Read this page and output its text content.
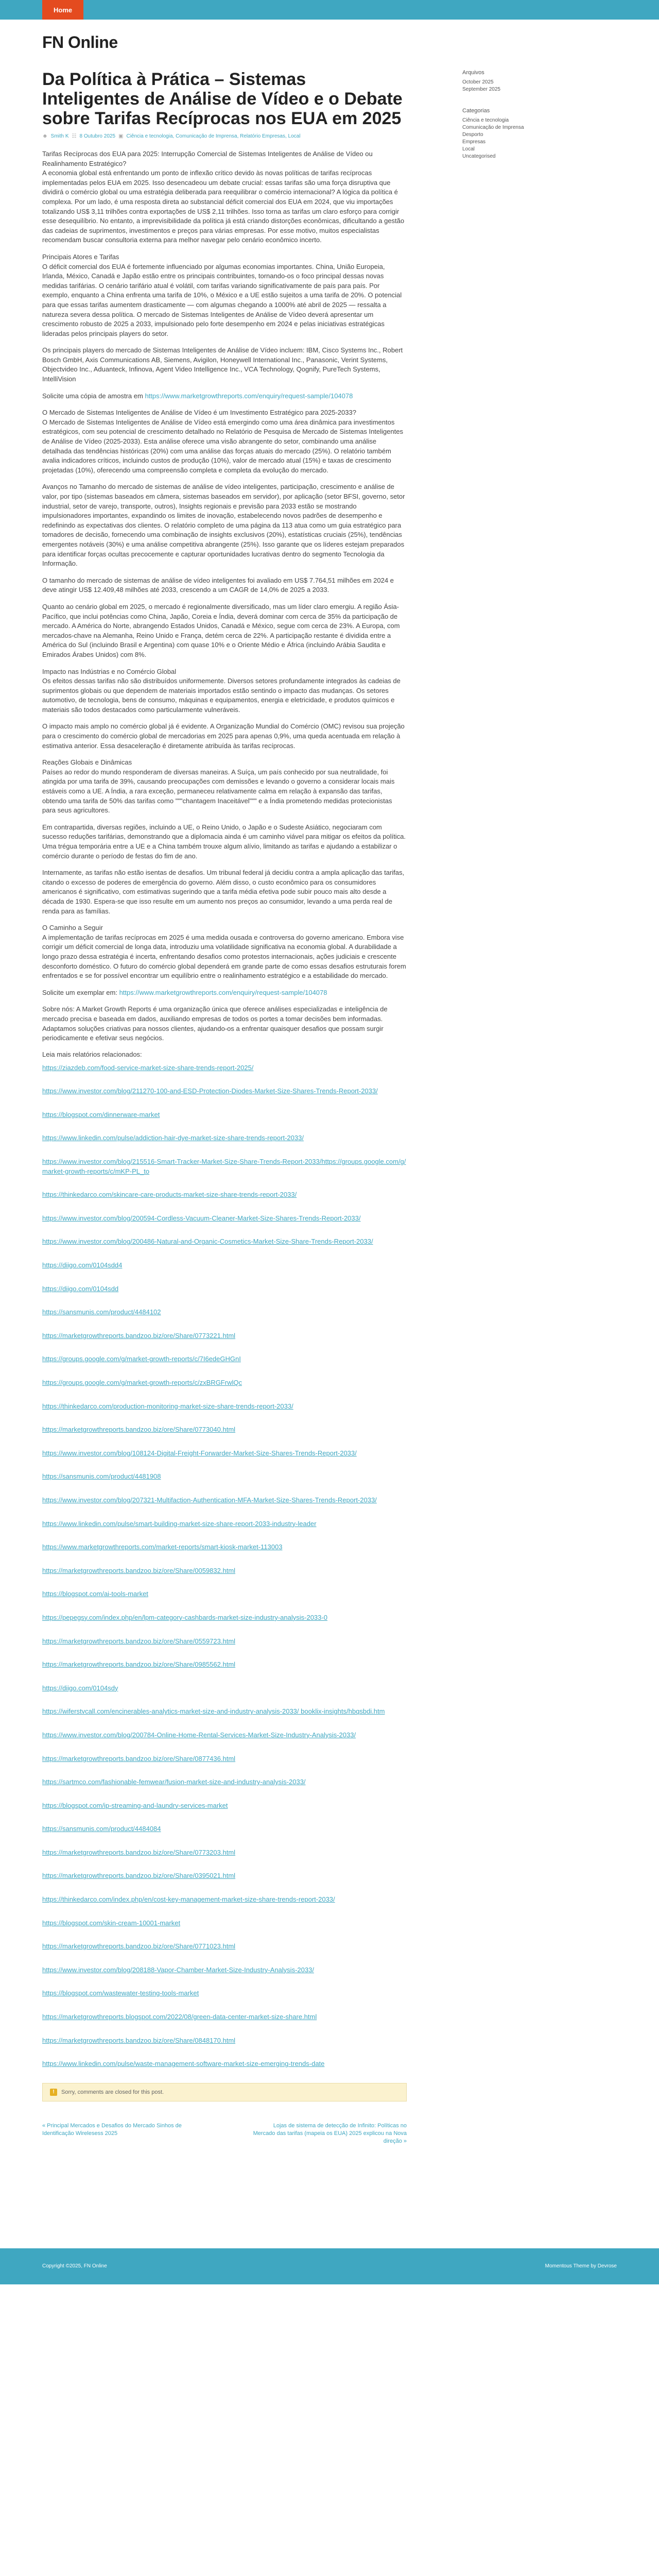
Home
FN Online
Da Política à Prática – Sistemas Inteligentes de Análise de Vídeo e o Debate sobre Tarifas Recíprocas nos EUA em 2025
☻ Smith K ☷ 8 Outubro 2025 ▣ Ciência e tecnologia, Comunicação de Imprensa, Relatório Empresas, Local

Tarifas Recíprocas dos EUA para 2025: Interrupção Comercial de Sistemas Inteligentes de Análise de Vídeo ou Realinhamento Estratégico?
A economia global está enfrentando um ponto de inflexão crítico devido às novas políticas de tarifas recíprocas implementadas pelos EUA em 2025. Isso desencadeou um debate crucial: essas tarifas são uma força disruptiva que dividirá o comércio global ou uma estratégia deliberada para reequilibrar o comércio internacional? A lógica da política é complexa. Por um lado, é uma resposta direta ao substancial déficit comercial dos EUA em 2024, que viu importações totalizando US$ 3,11 trilhões contra exportações de US$ 2,11 trilhões. Isso torna as tarifas um claro esforço para corrigir esse desequilíbrio. No entanto, a imprevisibilidade da política já está criando distorções econômicas, dificultando a gestão das cadeias de suprimentos, investimentos e preços para várias empresas. Por esse motivo, muitos especialistas recomendam buscar consultoria externa para melhor navegar pelo cenário econômico incerto.

Principais Atores e Tarifas
O déficit comercial dos EUA é fortemente influenciado por algumas economias importantes. China, União Europeia, Irlanda, México, Canadá e Japão estão entre os principais contribuintes, tornando-os o foco principal dessas novas medidas tarifárias. O cenário tarifário atual é volátil, com tarifas variando significativamente de país para país. Por exemplo, enquanto a China enfrenta uma tarifa de 10%, o México e a UE estão sujeitos a uma tarifa de 20%. O potencial para que essas tarifas aumentem drasticamente — com algumas chegando a 1000% até abril de 2025 — ressalta a natureza severa dessa política. O mercado de Sistemas Inteligentes de Análise de Vídeo deverá apresentar um crescimento robusto de 2025 a 2033, impulsionado pelo forte desempenho em 2024 e pelas iniciativas estratégicas lideradas pelos principais players do setor.

Os principais players do mercado de Sistemas Inteligentes de Análise de Vídeo incluem: IBM, Cisco Systems Inc., Robert Bosch GmbH, Axis Communications AB, Siemens, Avigilon, Honeywell International Inc., Panasonic, Verint Systems, Objectvideo Inc., Aduanteck, Infinova, Agent Video Intelligence Inc., VCA Technology, Qognify, PureTech Systems, IntelliVision

Solicite uma cópia de amostra em https://www.marketgrowthreports.com/enquiry/request-sample/104078

O Mercado de Sistemas Inteligentes de Análise de Vídeo é um Investimento Estratégico para 2025-2033?
O Mercado de Sistemas Inteligentes de Análise de Vídeo está emergindo como uma área dinâmica para investimentos estratégicos, com seu potencial de crescimento detalhado no Relatório de Pesquisa de Mercado de Sistemas Inteligentes de Análise de Vídeo (2025-2033). Esta análise oferece uma visão abrangente do setor, combinando uma análise detalhada das tendências históricas (20%) com uma análise das forças atuais do mercado (25%). O relatório também avalia indicadores críticos, incluindo custos de produção (10%), valor de mercado atual (15%) e taxas de crescimento projetadas (10%), oferecendo uma compreensão completa e completa da evolução do mercado.

Avanços no Tamanho do mercado de sistemas de análise de vídeo inteligentes, participação, crescimento e análise de valor, por tipo (sistemas baseados em câmera, sistemas baseados em servidor), por aplicação (setor BFSI, governo, setor industrial, setor de varejo, transporte, outros), Insights regionais e previsão para 2033 estão se mostrando impulsionadores importantes, expandindo os limites de inovação, estabelecendo novos padrões de desempenho e redefinindo as expectativas dos clientes. O relatório completo de uma página da 113 atua como um guia estratégico para tomadores de decisão, fornecendo uma combinação de insights exclusivos (20%), estatísticas cruciais (25%), tendências emergentes notáveis (30%) e uma análise competitiva abrangente (25%). Isso garante que os líderes estejam preparados para identificar forças ocultas precocemente e capturar oportunidades lucrativas dentro do segmento Tecnologia da Informação.

O tamanho do mercado de sistemas de análise de vídeo inteligentes foi avaliado em US$ 7.764,51 milhões em 2024 e deve atingir US$ 12.409,48 milhões até 2033, crescendo a um CAGR de 14,0% de 2025 a 2033.

Quanto ao cenário global em 2025, o mercado é regionalmente diversificado, mas um líder claro emergiu. A região Ásia-Pacífico, que inclui potências como China, Japão, Coreia e Índia, deverá dominar com cerca de 35% da participação de mercado. A América do Norte, abrangendo Estados Unidos, Canadá e México, segue com cerca de 23%. A Europa, com mercados-chave na Alemanha, Reino Unido e França, detém cerca de 22%. A participação restante é dividida entre a América do Sul (incluindo Brasil e Argentina) com quase 10% e o Oriente Médio e África (incluindo Arábia Saudita e Emirados Árabes Unidos) com 8%.

Impacto nas Indústrias e no Comércio Global
Os efeitos dessas tarifas não são distribuídos uniformemente. Diversos setores profundamente integrados às cadeias de suprimentos globais ou que dependem de materiais importados estão sentindo o impacto das mudanças. Os setores automotivo, de tecnologia, bens de consumo, máquinas e equipamentos, energia e eletricidade, e produtos químicos e materiais são todos destacados como particularmente vulneráveis.

O impacto mais amplo no comércio global já é evidente. A Organização Mundial do Comércio (OMC) revisou sua projeção para o crescimento do comércio global de mercadorias em 2025 para apenas 0,9%, uma queda acentuada em relação à estimativa anterior. Essa desaceleração é diretamente atribuída às tarifas recíprocas.

Reações Globais e Dinâmicas
Países ao redor do mundo responderam de diversas maneiras. A Suíça, um país conhecido por sua neutralidade, foi atingida por uma tarifa de 39%, causando preocupações com demissões e levando o governo a considerar locais mais estáveis como a UE. A Índia, a rara exceção, permaneceu relativamente calma em relação à expansão das tarifas, obtendo uma tarifa de 50% das tarifas como """chantagem Inaceitável""" e a Índia prometendo medidas protecionistas para seus agricultores.

Em contrapartida, diversas regiões, incluindo a UE, o Reino Unido, o Japão e o Sudeste Asiático, negociaram com sucesso reduções tarifárias, demonstrando que a diplomacia ainda é um caminho viável para mitigar os efeitos da política. Uma trégua temporária entre a UE e a China também trouxe algum alívio, limitando as tarifas e ajudando a estabilizar o comércio durante o período de festas do fim de ano.

Internamente, as tarifas não estão isentas de desafios. Um tribunal federal já decidiu contra a ampla aplicação das tarifas, citando o excesso de poderes de emergência do governo. Além disso, o custo econômico para os consumidores americanos é significativo, com estimativas sugerindo que a tarifa média efetiva pode subir pouco mais alto desde a década de 1930. Espera-se que isso resulte em um aumento nos preços ao consumidor, levando a uma perda real de renda para as famílias.

O Caminho a Seguir
A implementação de tarifas recíprocas em 2025 é uma medida ousada e controversa do governo americano. Embora vise corrigir um déficit comercial de longa data, introduziu uma volatilidade significativa na economia global. A durabilidade a longo prazo dessa estratégia é incerta, enfrentando desafios como protestos internacionais, ações judiciais e crescente desconforto doméstico. O futuro do comércio global dependerá em grande parte de como essas desafios estruturais forem enfrentados e se for possível encontrar um equilíbrio entre o realinhamento estratégico e a estabilidade do mercado.

Solicite um exemplar em: https://www.marketgrowthreports.com/enquiry/request-sample/104078

Sobre nós: A Market Growth Reports é uma organização única que oferece análises especializadas e inteligência de mercado precisa e baseada em dados, auxiliando empresas de todos os portes a tomar decisões bem informadas. Adaptamos soluções criativas para nossos clientes, ajudando-os a enfrentar quaisquer desafios que possam surgir periodicamente e efetivar seus negócios.

Leia mais relatórios relacionados:

https://ziazdeb.com/food-service-market-size-share-trends-report-2025/

https://www.investor.com/blog/211270-100-and-ESD-Protection-Diodes-Market-Size-Shares-Trends-Report-2033/

https://blogspot.com/dinnerware-market

https://www.linkedin.com/pulse/addiction-hair-dye-market-size-share-trends-report-2033/

https://www.investor.com/blog/215516-Smart-Tracker-Market-Size-Share-Trends-Report-2033/https://groups.google.com/g/market-growth-reports/c/mKP-PL_to

https://thinkedarco.com/skincare-care-products-market-size-share-trends-report-2033/

https://www.investor.com/blog/200594-Cordless-Vacuum-Cleaner-Market-Size-Shares-Trends-Report-2033/

https://www.investor.com/blog/200486-Natural-and-Organic-Cosmetics-Market-Size-Share-Trends-Report-2033/

https://diigo.com/0104sdd4

https://diigo.com/0104sdd

https://sansmunis.com/product/4484102

https://marketgrowthreports.bandzoo.biz/ore/Share/0773221.html

https://groups.google.com/g/market-growth-reports/c/7I6edeGHGnI

https://groups.google.com/g/market-growth-reports/c/zxBRGFrwlQc

https://thinkedarco.com/production-monitoring-market-size-share-trends-report-2033/

https://marketgrowthreports.bandzoo.biz/ore/Share/0773040.html

https://www.investor.com/blog/108124-Digital-Freight-Forwarder-Market-Size-Shares-Trends-Report-2033/

https://sansmunis.com/product/4481908

https://www.investor.com/blog/207321-Multifaction-Authentication-MFA-Market-Size-Shares-Trends-Report-2033/

https://www.linkedin.com/pulse/smart-building-market-size-share-report-2033-industry-leader

https://www.marketgrowthreports.com/market-reports/smart-kiosk-market-113003

https://marketgrowthreports.bandzoo.biz/ore/Share/0059832.html

https://blogspot.com/ai-tools-market

https://pepegsy.com/index.php/en/lpm-category-cashbards-market-size-industry-analysis-2033-0

https://marketgrowthreports.bandzoo.biz/ore/Share/0559723.html

https://marketgrowthreports.bandzoo.biz/ore/Share/0985562.html

https://diigo.com/0104sdy

https://wiferstvcall.com/encinerables-analytics-market-size-and-industry-analysis-2033/ booklix-insights/hbqsbdi.htm

https://www.investor.com/blog/200784-Online-Home-Rental-Services-Market-Size-Industry-Analysis-2033/

https://marketgrowthreports.bandzoo.biz/ore/Share/0877436.html

https://sartmco.com/fashionable-femwear/fusion-market-size-and-industry-analysis-2033/

https://blogspot.com/ip-streaming-and-laundry-services-market

https://sansmunis.com/product/4484084

https://marketgrowthreports.bandzoo.biz/ore/Share/0773203.html

https://marketgrowthreports.bandzoo.biz/ore/Share/0395021.html

https://thinkedarco.com/index.php/en/cost-key-management-market-size-share-trends-report-2033/

https://blogspot.com/skin-cream-10001-market

https://marketgrowthreports.bandzoo.biz/ore/Share/0771023.html

https://www.investor.com/blog/208188-Vapor-Chamber-Market-Size-Industry-Analysis-2033/

https://blogspot.com/wastewater-testing-tools-market

https://marketgrowthreports.blogspot.com/2022/08/green-data-center-market-size-share.html

https://marketgrowthreports.bandzoo.biz/ore/Share/0848170.html

https://www.linkedin.com/pulse/waste-management-software-market-size-emerging-trends-date

!	Sorry, comments are closed for this post.
« Principal Mercados e Desafios do Mercado Sinhos de Identificação Wirelesess 2025
Lojas de sistema de detecção de Infinito: Políticas no Mercado das tarifas (mapeia os EUA) 2025 explicou na Nova direção »
Arquivos
October 2025
September 2025
Categorias
Ciência e tecnologia
Comunicação de Imprensa
Desporto
Empresas
Local
Uncategorised
Copyright ©2025, FN Online	Momentous Theme by Devrose
